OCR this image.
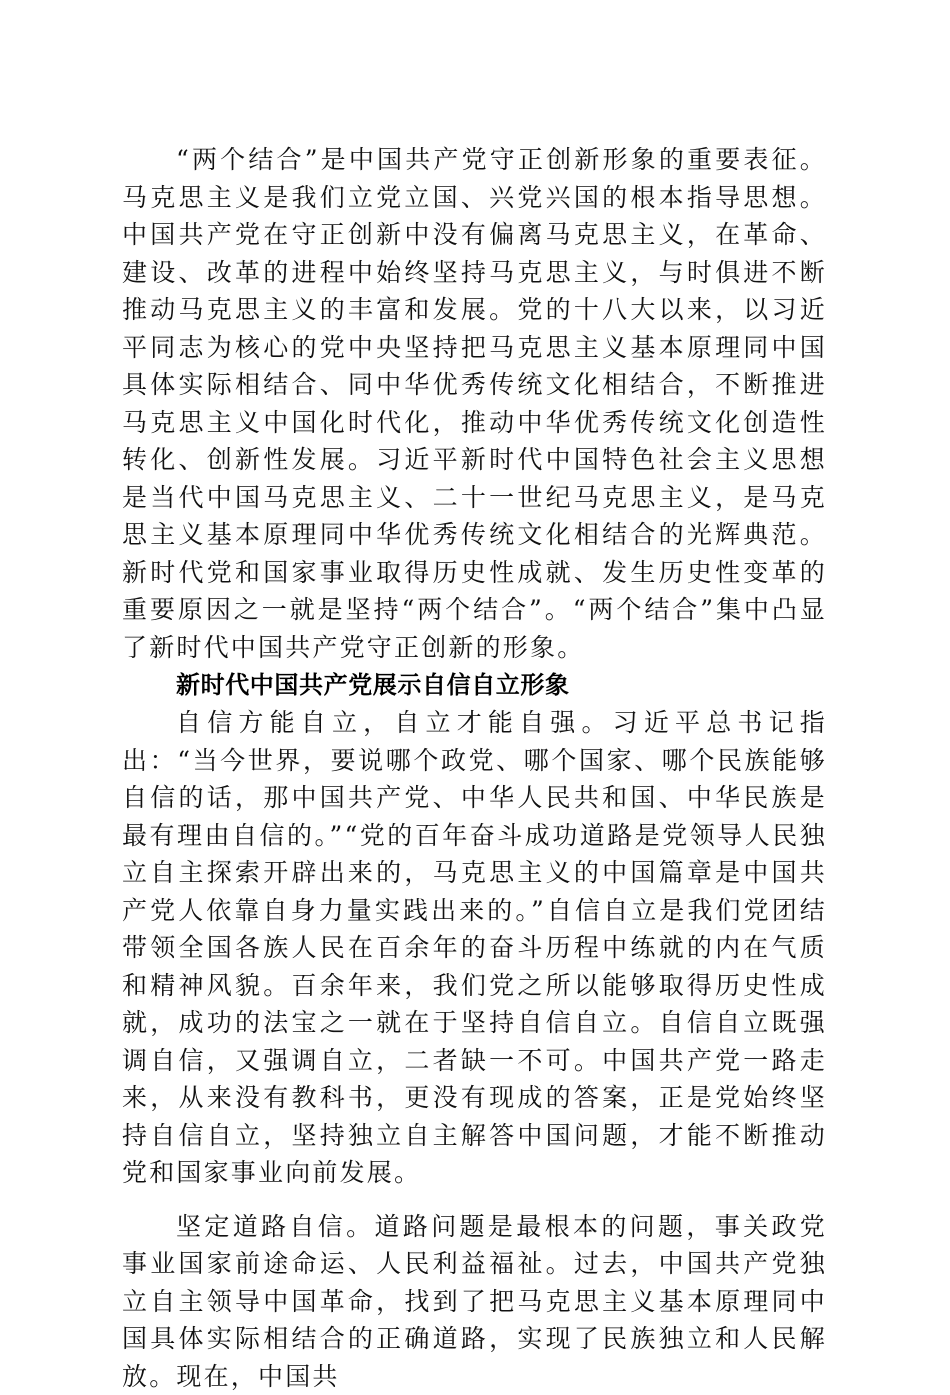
“两个结合”是中国共产党守正创新形象的重要表征。马克思主义是我们立党立国、兴党兴国的根本指导思想。中国共产党在守正创新中没有偏离马克思主义，在革命、建设、改革的进程中始终坚持马克思主义，与时俱进不断推动马克思主义的丰富和发展。党的十八大以来，以习近平同志为核心的党中央坚持把马克思主义基本原理同中国具体实际相结合、同中华优秀传统文化相结合，不断推进马克思主义中国化时代化，推动中华优秀传统文化创造性转化、创新性发展。习近平新时代中国特色社会主义思想是当代中国马克思主义、二十一世纪马克思主义，是马克思主义基本原理同中华优秀传统文化相结合的光辉典范。新时代党和国家事业取得历史性成就、发生历史性变革的重要原因之一就是坚持“两个结合”。“两个结合”集中凸显了新时代中国共产党守正创新的形象。

新时代中国共产党展示自信自立形象

自信方能自立，自立才能自强。习近平总书记指出：“当今世界，要说哪个政党、哪个国家、哪个民族能够自信的话，那中国共产党、中华人民共和国、中华民族是最有理由自信的。”“党的百年奋斗成功道路是党领导人民独立自主探索开辟出来的，马克思主义的中国篇章是中国共产党人依靠自身力量实践出来的。”自信自立是我们党团结带领全国各族人民在百余年的奋斗历程中练就的内在气质和精神风貌。百余年来，我们党之所以能够取得历史性成就，成功的法宝之一就在于坚持自信自立。自信自立既强调自信，又强调自立，二者缺一不可。中国共产党一路走来，从来没有教科书，更没有现成的答案，正是党始终坚持自信自立，坚持独立自主解答中国问题，才能不断推动党和国家事业向前发展。

坚定道路自信。道路问题是最根本的问题，事关政党事业国家前途命运、人民利益福祉。过去，中国共产党独立自主领导中国革命，找到了把马克思主义基本原理同中国具体实际相结合的正确道路，实现了民族独立和人民解放。现在，中国共
